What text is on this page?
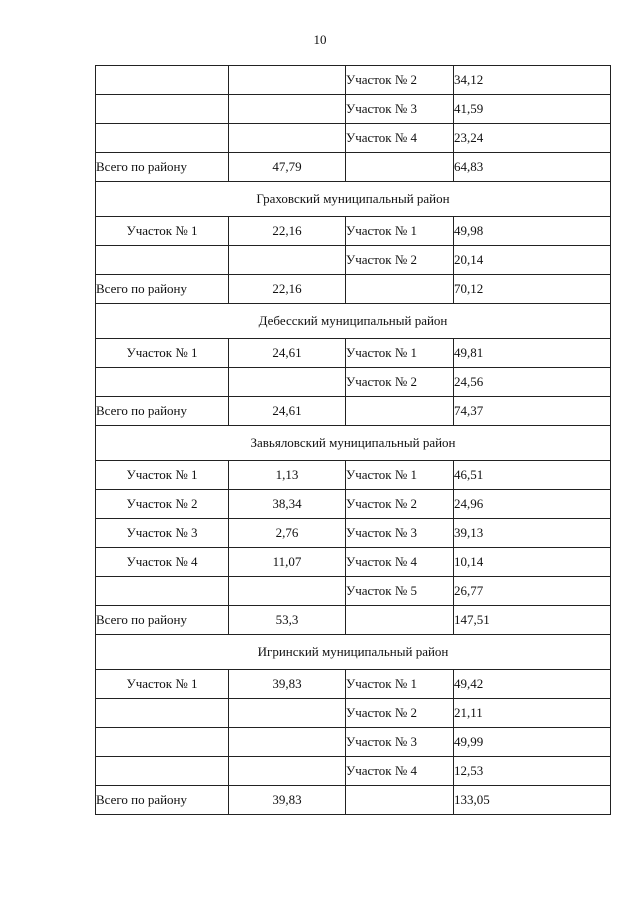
10
		Участок № 2	34,12
		Участок № 3	41,59
		Участок № 4	23,24
Всего по району	47,79		64,83
Граховский муниципальный район			
Участок № 1	22,16	Участок № 1	49,98
		Участок № 2	20,14
Всего по району	22,16		70,12
Дебесский муниципальный район			
Участок № 1	24,61	Участок № 1	49,81
		Участок № 2	24,56
Всего по району	24,61		74,37
Завьяловский муниципальный район			
Участок № 1	1,13	Участок № 1	46,51
Участок № 2	38,34	Участок № 2	24,96
Участок № 3	2,76	Участок № 3	39,13
Участок № 4	11,07	Участок № 4	10,14
		Участок № 5	26,77
Всего по району	53,3		147,51
Игринский муниципальный район			
Участок № 1	39,83	Участок № 1	49,42
		Участок № 2	21,11
		Участок № 3	49,99
		Участок № 4	12,53
Всего по району	39,83		133,05
